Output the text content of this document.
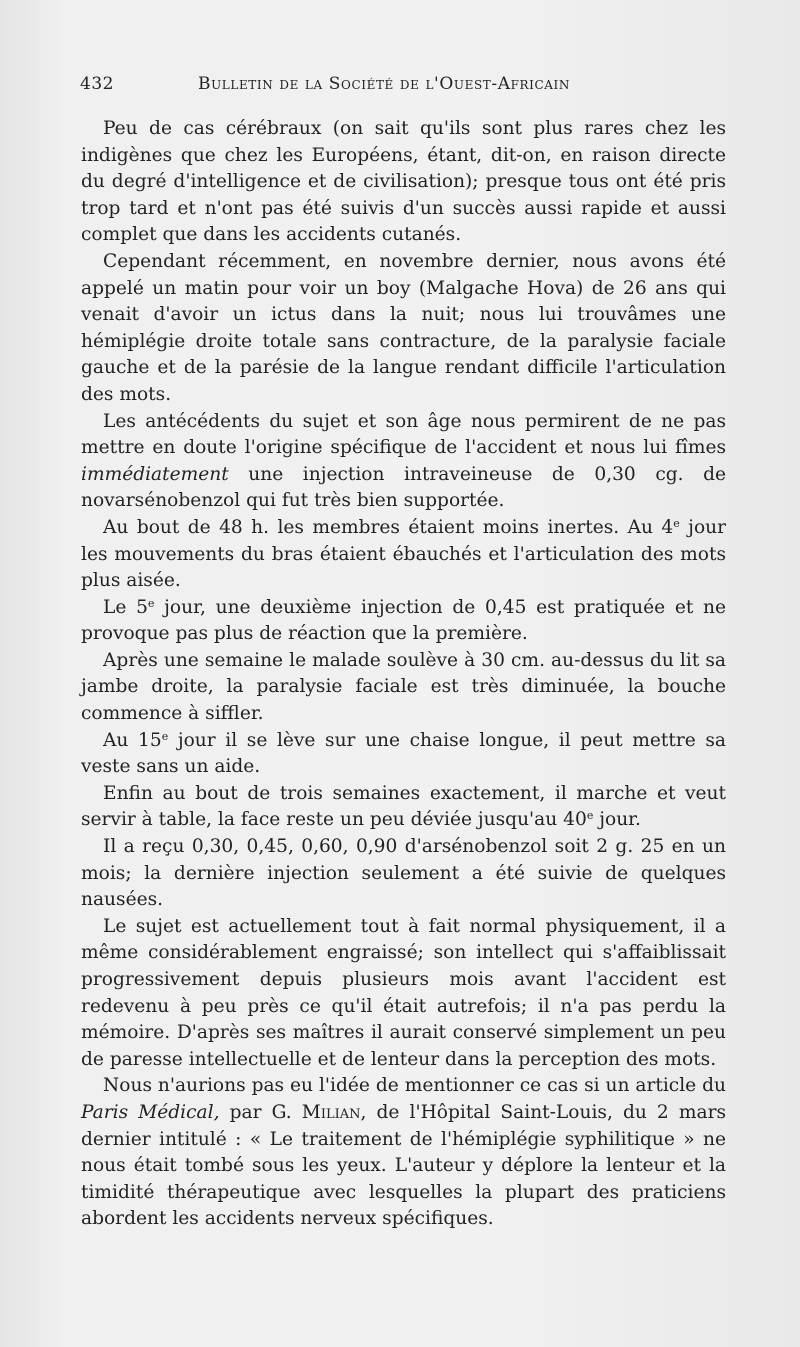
432	Bulletin de la Société de l'Ouest-Africain

Peu de cas cérébraux (on sait qu'ils sont plus rares chez les indigènes que chez les Européens, étant, dit-on, en raison directe du degré d'intelligence et de civilisation); presque tous ont été pris trop tard et n'ont pas été suivis d'un succès aussi rapide et aussi complet que dans les accidents cutanés.

Cependant récemment, en novembre dernier, nous avons été appelé un matin pour voir un boy (Malgache Hova) de 26 ans qui venait d'avoir un ictus dans la nuit; nous lui trouvâmes une hémiplégie droite totale sans contracture, de la paralysie faciale gauche et de la parésie de la langue rendant difficile l'articulation des mots.

Les antécédents du sujet et son âge nous permirent de ne pas mettre en doute l'origine spécifique de l'accident et nous lui fîmes immédiatement une injection intraveineuse de 0,30 cg. de novarsénobenzol qui fut très bien supportée.

Au bout de 48 h. les membres étaient moins inertes. Au 4e jour les mouvements du bras étaient ébauchés et l'articulation des mots plus aisée.

Le 5e jour, une deuxième injection de 0,45 est pratiquée et ne provoque pas plus de réaction que la première.

Après une semaine le malade soulève à 30 cm. au-dessus du lit sa jambe droite, la paralysie faciale est très diminuée, la bouche commence à siffler.

Au 15e jour il se lève sur une chaise longue, il peut mettre sa veste sans un aide.

Enfin au bout de trois semaines exactement, il marche et veut servir à table, la face reste un peu déviée jusqu'au 40e jour.

Il a reçu 0,30, 0,45, 0,60, 0,90 d'arsénobenzol soit 2 g. 25 en un mois; la dernière injection seulement a été suivie de quelques nausées.

Le sujet est actuellement tout à fait normal physiquement, il a même considérablement engraissé; son intellect qui s'affaiblissait progressivement depuis plusieurs mois avant l'accident est redevenu à peu près ce qu'il était autrefois; il n'a pas perdu la mémoire. D'après ses maîtres il aurait conservé simplement un peu de paresse intellectuelle et de lenteur dans la perception des mots.

Nous n'aurions pas eu l'idée de mentionner ce cas si un article du Paris Médical, par G. Milian, de l'Hôpital Saint-Louis, du 2 mars dernier intitulé : « Le traitement de l'hémiplégie syphilitique » ne nous était tombé sous les yeux. L'auteur y déplore la lenteur et la timidité thérapeutique avec lesquelles la plupart des praticiens abordent les accidents nerveux spécifiques.
